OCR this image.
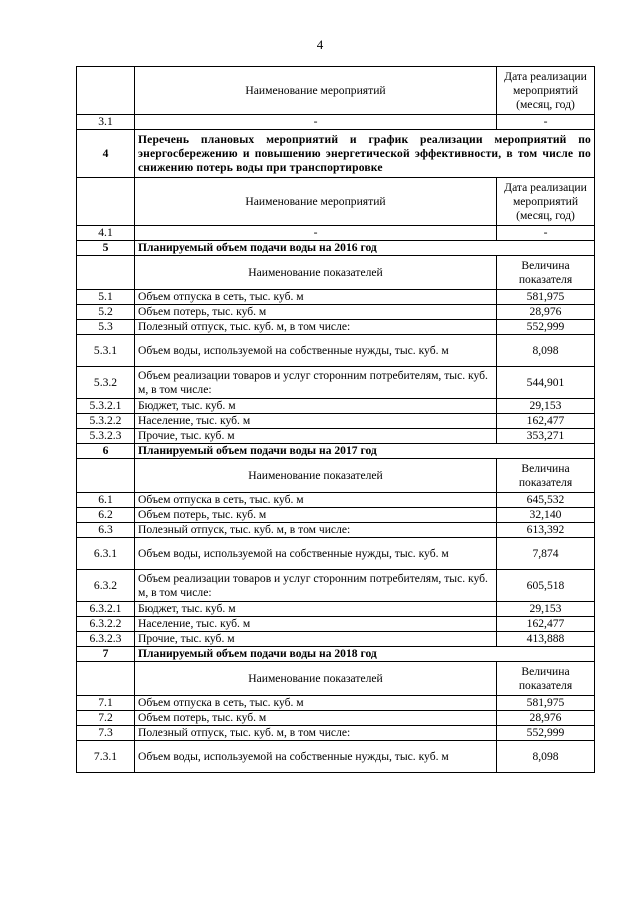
4
	Наименование мероприятий	Дата реализации мероприятий (месяц, год)
3.1	-	-
4	Перечень плановых мероприятий и график реализации мероприятий по энергосбережению и повышению энергетической эффективности, в том числе по снижению потерь воды при транспортировке	
	Наименование мероприятий	Дата реализации мероприятий (месяц, год)
4.1	-	-
5	Планируемый объем подачи воды на 2016 год	
	Наименование показателей	Величина показателя
5.1	Объем отпуска в сеть, тыс. куб. м	581,975
5.2	Объем потерь, тыс. куб. м	28,976
5.3	Полезный отпуск, тыс. куб. м, в том числе:	552,999
5.3.1	Объем воды, используемой на собственные нужды, тыс. куб. м	8,098
5.3.2	Объем реализации товаров и услуг сторонним потребителям, тыс. куб. м, в том числе:	544,901
5.3.2.1	Бюджет, тыс. куб. м	29,153
5.3.2.2	Население, тыс. куб. м	162,477
5.3.2.3	Прочие, тыс. куб. м	353,271
6	Планируемый объем подачи воды на 2017 год	
	Наименование показателей	Величина показателя
6.1	Объем отпуска в сеть, тыс. куб. м	645,532
6.2	Объем потерь, тыс. куб. м	32,140
6.3	Полезный отпуск, тыс. куб. м, в том числе:	613,392
6.3.1	Объем воды, используемой на собственные нужды, тыс. куб. м	7,874
6.3.2	Объем реализации товаров и услуг сторонним потребителям, тыс. куб. м, в том числе:	605,518
6.3.2.1	Бюджет, тыс. куб. м	29,153
6.3.2.2	Население, тыс. куб. м	162,477
6.3.2.3	Прочие, тыс. куб. м	413,888
7	Планируемый объем подачи воды на 2018 год	
	Наименование показателей	Величина показателя
7.1	Объем отпуска в сеть, тыс. куб. м	581,975
7.2	Объем потерь, тыс. куб. м	28,976
7.3	Полезный отпуск, тыс. куб. м, в том числе:	552,999
7.3.1	Объем воды, используемой на собственные нужды, тыс. куб. м	8,098
